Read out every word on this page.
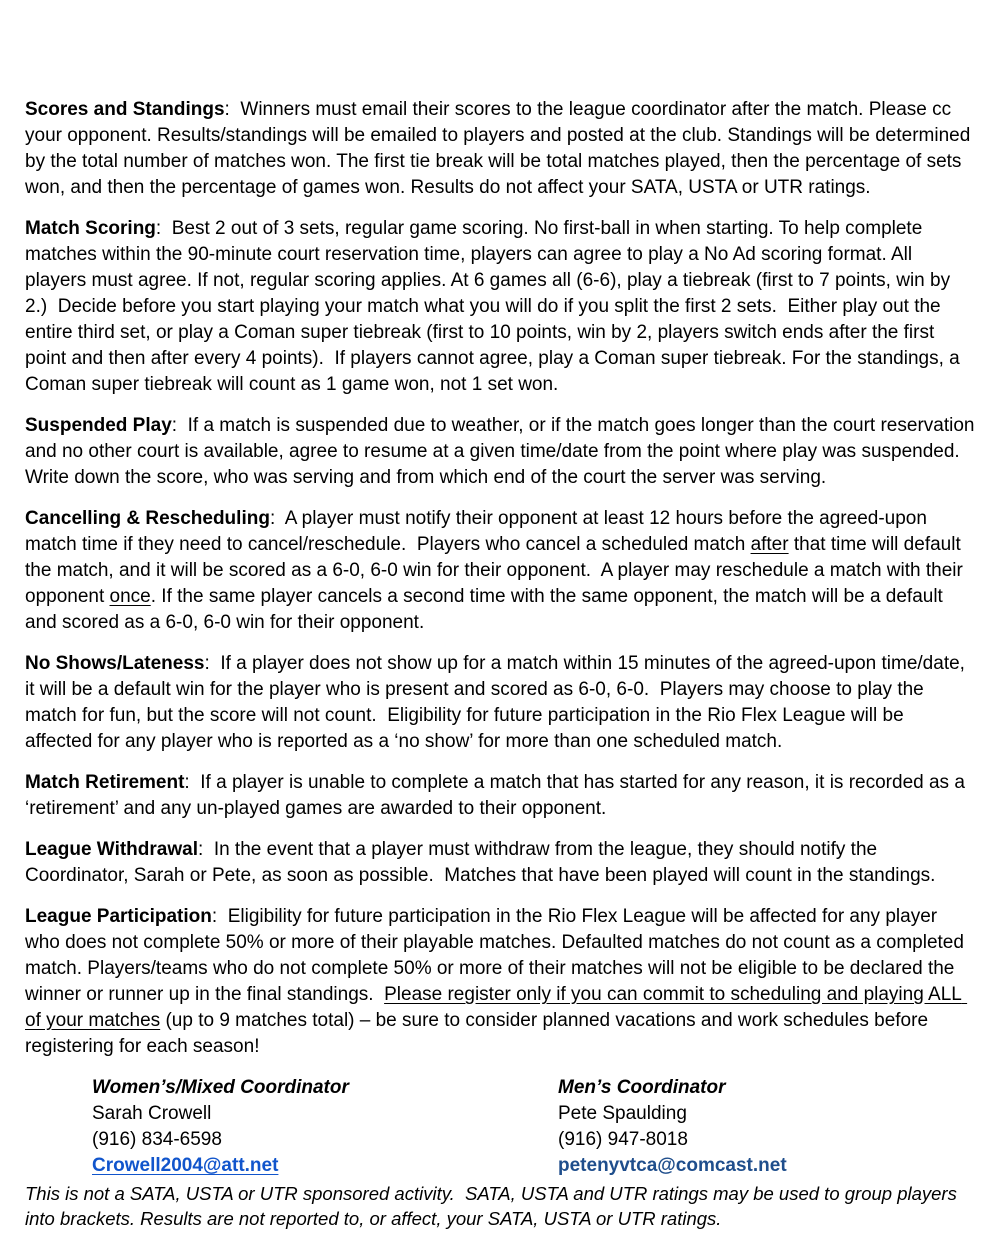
Scores and Standings:  Winners must email their scores to the league coordinator after the match. Please cc your opponent. Results/standings will be emailed to players and posted at the club. Standings will be determined by the total number of matches won. The first tie break will be total matches played, then the percentage of sets won, and then the percentage of games won. Results do not affect your SATA, USTA or UTR ratings.

Match Scoring:  Best 2 out of 3 sets, regular game scoring. No first-ball in when starting. To help complete matches within the 90-minute court reservation time, players can agree to play a No Ad scoring format. All players must agree. If not, regular scoring applies. At 6 games all (6-6), play a tiebreak (first to 7 points, win by 2.)  Decide before you start playing your match what you will do if you split the first 2 sets.  Either play out the entire third set, or play a Coman super tiebreak (first to 10 points, win by 2, players switch ends after the first point and then after every 4 points).  If players cannot agree, play a Coman super tiebreak. For the standings, a Coman super tiebreak will count as 1 game won, not 1 set won.

Suspended Play:  If a match is suspended due to weather, or if the match goes longer than the court reservation and no other court is available, agree to resume at a given time/date from the point where play was suspended. Write down the score, who was serving and from which end of the court the server was serving.

Cancelling & Rescheduling:  A player must notify their opponent at least 12 hours before the agreed-upon match time if they need to cancel/reschedule.  Players who cancel a scheduled match after that time will default the match, and it will be scored as a 6-0, 6-0 win for their opponent.  A player may reschedule a match with their opponent once. If the same player cancels a second time with the same opponent, the match will be a default and scored as a 6-0, 6-0 win for their opponent.

No Shows/Lateness:  If a player does not show up for a match within 15 minutes of the agreed-upon time/date, it will be a default win for the player who is present and scored as 6-0, 6-0.  Players may choose to play the match for fun, but the score will not count.  Eligibility for future participation in the Rio Flex League will be affected for any player who is reported as a ‘no show’ for more than one scheduled match.

Match Retirement:  If a player is unable to complete a match that has started for any reason, it is recorded as a ‘retirement’ and any un-played games are awarded to their opponent.

League Withdrawal:  In the event that a player must withdraw from the league, they should notify the Coordinator, Sarah or Pete, as soon as possible.  Matches that have been played will count in the standings.

League Participation:  Eligibility for future participation in the Rio Flex League will be affected for any player who does not complete 50% or more of their playable matches. Defaulted matches do not count as a completed match. Players/teams who do not complete 50% or more of their matches will not be eligible to be declared the winner or runner up in the final standings.  Please register only if you can commit to scheduling and playing ALL of your matches (up to 9 matches total) – be sure to consider planned vacations and work schedules before registering for each season!

Women’s/Mixed Coordinator
Sarah Crowell
(916) 834-6598
Crowell2004@att.net
Men’s Coordinator
Pete Spaulding
(916) 947-8018
petenyvtca@comcast.net

This is not a SATA, USTA or UTR sponsored activity.  SATA, USTA and UTR ratings may be used to group players into brackets. Results are not reported to, or affect, your SATA, USTA or UTR ratings.
